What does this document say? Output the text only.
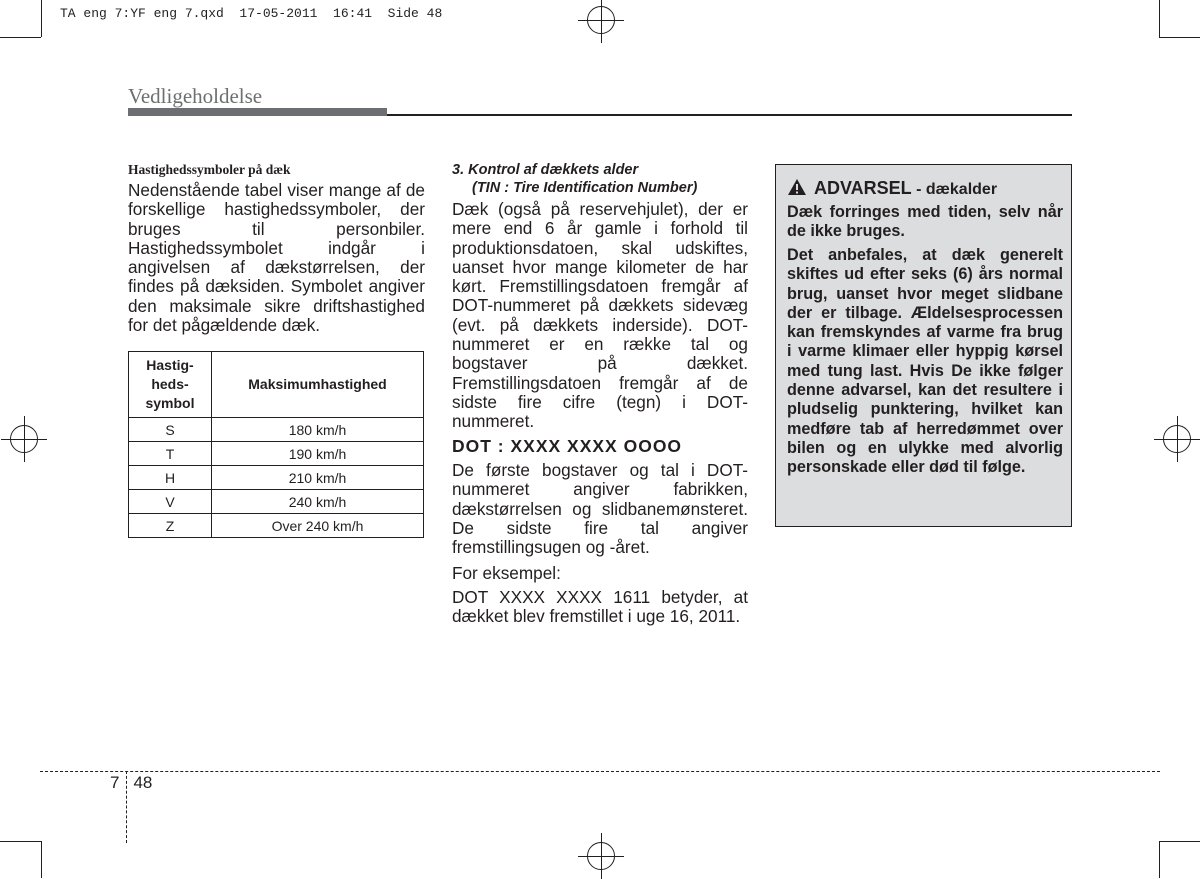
TA eng 7:YF eng 7.qxd  17-05-2011  16:41  Side 48
Vedligeholdelse
Hastighedssymboler på dæk
Nedenstående tabel viser mange af de forskellige hastighedssymboler, der bruges til personbiler. Hastighedssymbolet indgår i angivelsen af dækstørrelsen, der findes på dæksiden. Symbolet angiver den maksimale sikre driftshastighed for det pågældende dæk.
Hastig-
heds-
symbol	Maksimumhastighed
S	180 km/h
T	190 km/h
H	210 km/h
V	240 km/h
Z	Over 240 km/h
3. Kontrol af dækkets alder
(TIN : Tire Identification Number)
Dæk (også på reservehjulet), der er mere end 6 år gamle i forhold til produktionsdatoen, skal udskiftes, uanset hvor mange kilometer de har kørt. Fremstillingsdatoen fremgår af DOT-nummeret på dækkets sidevæg (evt. på dækkets inderside). DOT-nummeret er en række tal og bogstaver på dækket. Fremstillingsdatoen fremgår af de sidste fire cifre (tegn) i DOT-nummeret.
DOT : XXXX XXXX OOOO
De første bogstaver og tal i DOT-nummeret angiver fabrikken, dækstørrelsen og slidbanemønsteret. De sidste fire tal angiver fremstillingsugen og -året.
For eksempel:
DOT XXXX XXXX 1611 betyder, at dækket blev fremstillet i uge 16, 2011.
ADVARSEL - dækalder
Dæk forringes med tiden, selv når de ikke bruges.
Det anbefales, at dæk generelt skiftes ud efter seks (6) års normal brug, uanset hvor meget slidbane der er tilbage. Ældelsesprocessen kan fremskyndes af varme fra brug i varme klimaer eller hyppig kørsel med tung last. Hvis De ikke følger denne advarsel, kan det resultere i pludselig punktering, hvilket kan medføre tab af herredømmet over bilen og en ulykke med alvorlig personskade eller død til følge.
7 48
